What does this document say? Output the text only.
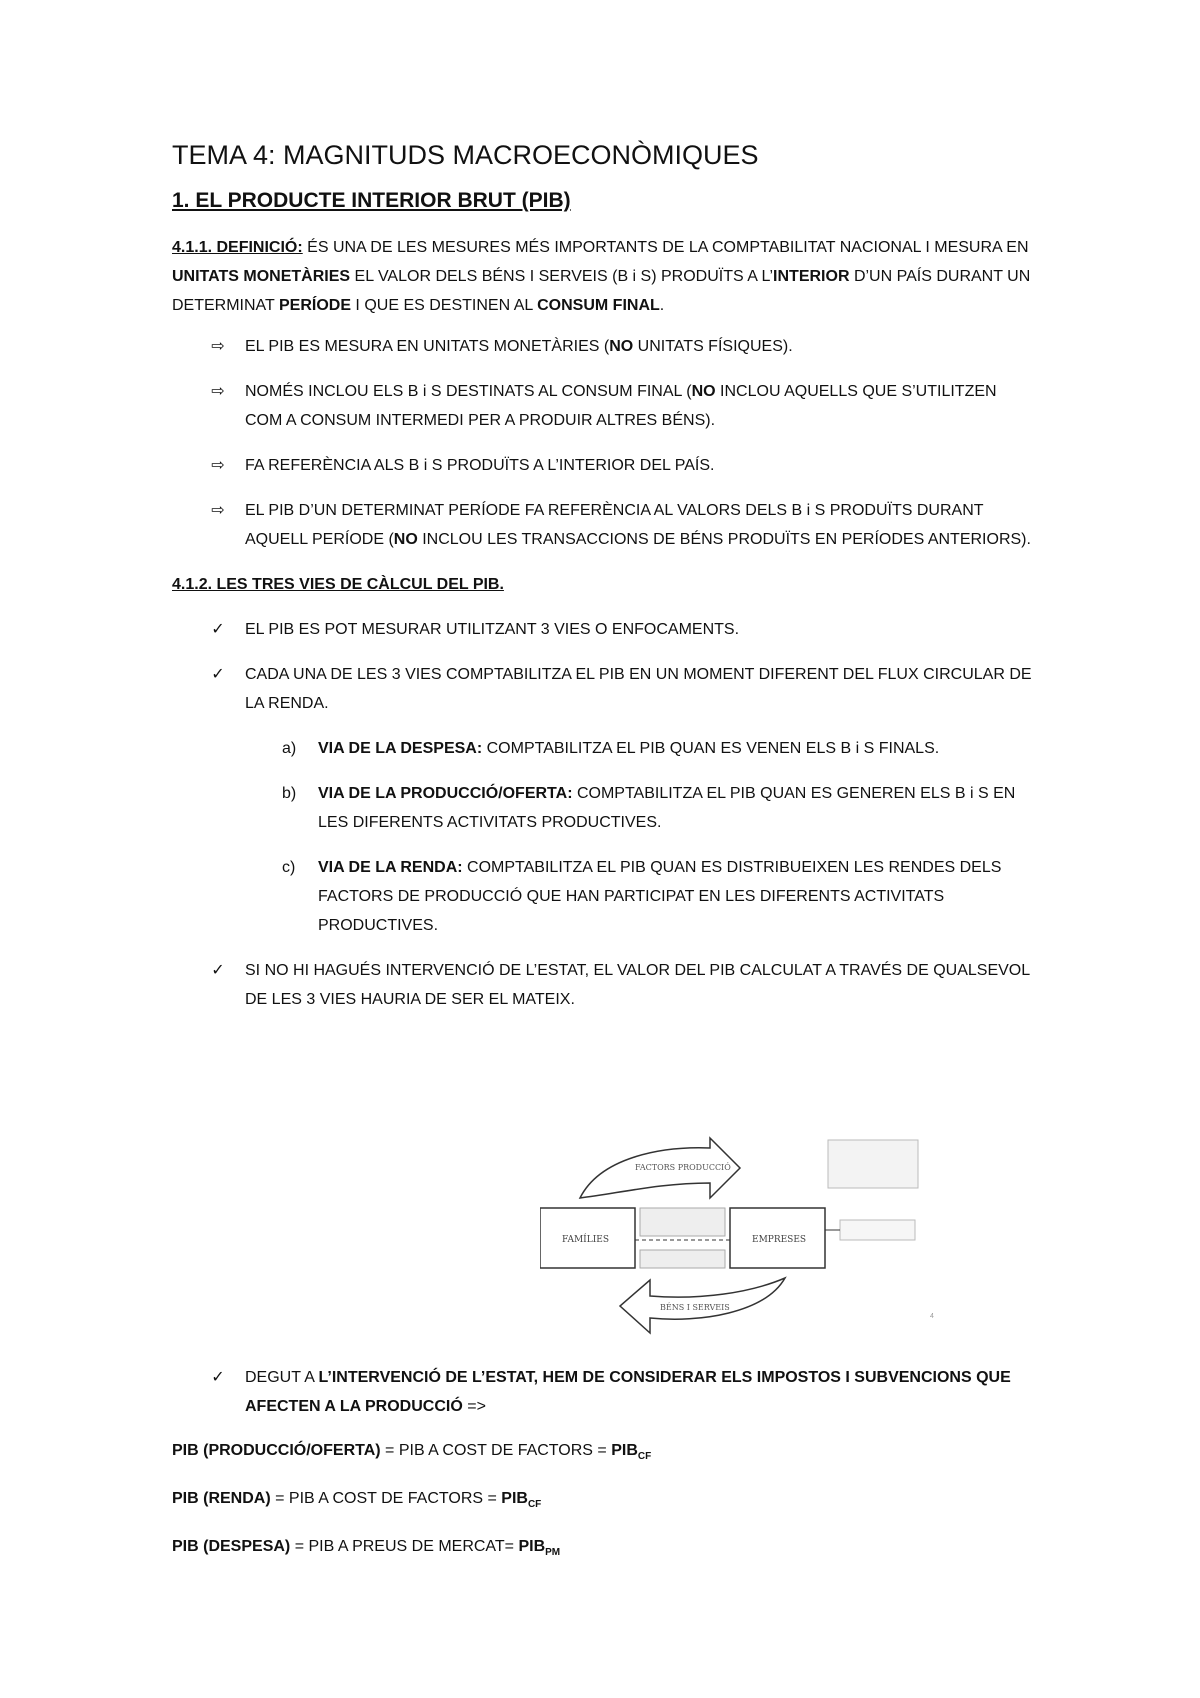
TEMA 4: MAGNITUDS MACROECONÒMIQUES
1. EL PRODUCTE INTERIOR BRUT (PIB)
4.1.1. DEFINICIÓ: ÉS UNA DE LES MESURES MÉS IMPORTANTS DE LA COMPTABILITAT NACIONAL I MESURA EN UNITATS MONETÀRIES EL VALOR DELS BÉNS I SERVEIS (B i S) PRODUÏTS A L’INTERIOR D’UN PAÍS DURANT UN DETERMINAT PERÍODE I QUE ES DESTINEN AL CONSUM FINAL.
⇨ EL PIB ES MESURA EN UNITATS MONETÀRIES (NO UNITATS FÍSIQUES).
⇨ NOMÉS INCLOU ELS B i S DESTINATS AL CONSUM FINAL (NO INCLOU AQUELLS QUE S’UTILITZEN COM A CONSUM INTERMEDI PER A PRODUIR ALTRES BÉNS).
⇨ FA REFERÈNCIA ALS B i S PRODUÏTS A L’INTERIOR DEL PAÍS.
⇨ EL PIB D’UN DETERMINAT PERÍODE FA REFERÈNCIA AL VALORS DELS B i S PRODUÏTS DURANT AQUELL PERÍODE (NO INCLOU LES TRANSACCIONS DE BÉNS PRODUÏTS EN PERÍODES ANTERIORS).
4.1.2. LES TRES VIES DE CÀLCUL DEL PIB.
✓ EL PIB ES POT MESURAR UTILITZANT 3 VIES O ENFOCAMENTS.
✓ CADA UNA DE LES 3 VIES COMPTABILITZA EL PIB EN UN MOMENT DIFERENT DEL FLUX CIRCULAR DE LA RENDA.
a) VIA DE LA DESPESA: COMPTABILITZA EL PIB QUAN ES VENEN ELS B i S FINALS.
b) VIA DE LA PRODUCCIÓ/OFERTA: COMPTABILITZA EL PIB QUAN ES GENEREN ELS B i S EN LES DIFERENTS ACTIVITATS PRODUCTIVES.
c) VIA DE LA RENDA: COMPTABILITZA EL PIB QUAN ES DISTRIBUEIXEN LES RENDES DELS FACTORS DE PRODUCCIÓ QUE HAN PARTICIPAT EN LES DIFERENTS ACTIVITATS PRODUCTIVES.
✓ SI NO HI HAGUÉS INTERVENCIÓ DE L’ESTAT, EL VALOR DEL PIB CALCULAT A TRAVÉS DE QUALSEVOL DE LES 3 VIES HAURIA DE SER EL MATEIX.
FACTORS PRODUCCIÓ
FAMÍLIES	EMPRESES
BÉNS I SERVEIS
4
✓ DEGUT A L’INTERVENCIÓ DE L’ESTAT, HEM DE CONSIDERAR ELS IMPOSTOS I SUBVENCIONS QUE AFECTEN A LA PRODUCCIÓ =>
PIB (PRODUCCIÓ/OFERTA) = PIB A COST DE FACTORS = $PIB_{CF}$
PIB (RENDA) = PIB A COST DE FACTORS = $PIB_{CF}$
PIB (DESPESA) = PIB A PREUS DE MERCAT= $PIB_{PM}$
